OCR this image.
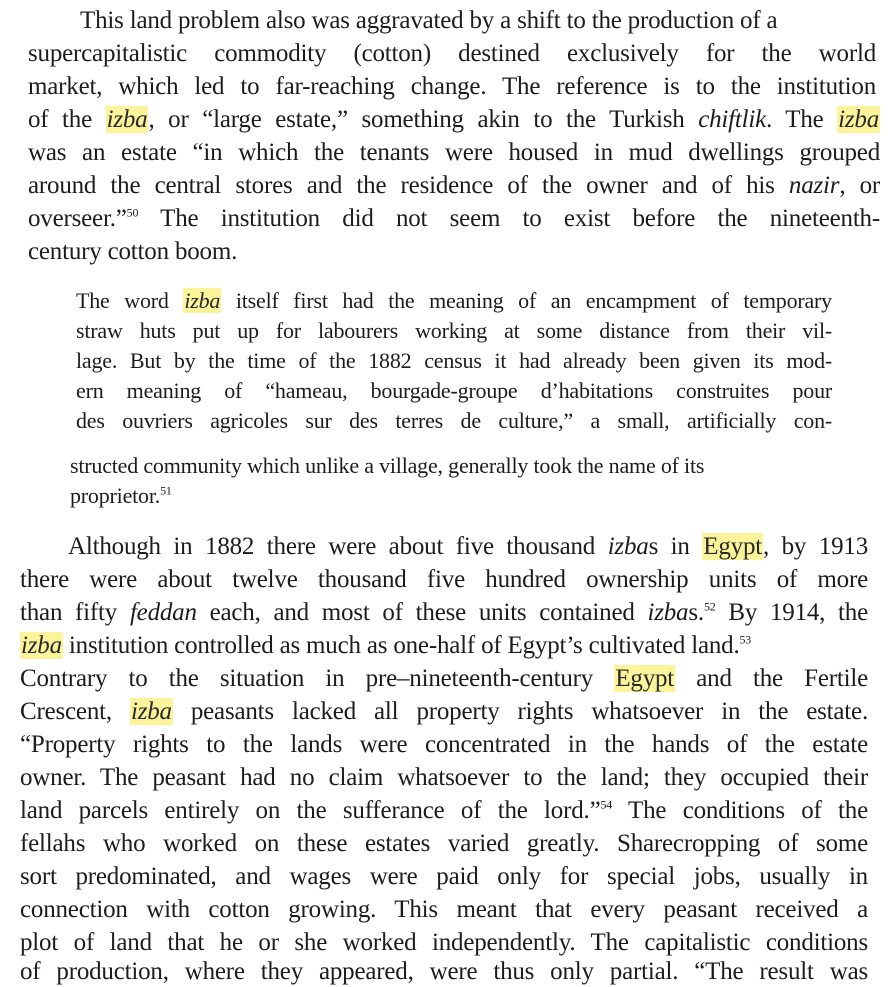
This land problem also was aggravated by a shift to the production of a
supercapitalistic commodity (cotton) destined exclusively for the world
market, which led to far-reaching change. The reference is to the institution
of the izba, or “large estate,” something akin to the Turkish chiftlik. The izba
was an estate “in which the tenants were housed in mud dwellings grouped
around the central stores and the residence of the owner and of his nazir, or
overseer.”$^{50}$ The institution did not seem to exist before the nineteenth-
century cotton boom.
The word izba itself first had the meaning of an encampment of temporary
straw huts put up for labourers working at some distance from their vil-
lage. But by the time of the 1882 census it had already been given its mod-
ern meaning of “hameau, bourgade-groupe d’habitations construites pour
des ouvriers agricoles sur des terres de culture,” a small, artificially con-
structed community which unlike a village, generally took the name of its
proprietor.$^{51}$
Although in 1882 there were about five thousand izbas in Egypt, by 1913
there were about twelve thousand five hundred ownership units of more
than fifty feddan each, and most of these units contained izbas.$^{52}$ By 1914, the
izba institution controlled as much as one-half of Egypt’s cultivated land.$^{53}$
Contrary to the situation in pre–nineteenth-century Egypt and the Fertile
Crescent, izba peasants lacked all property rights whatsoever in the estate.
“Property rights to the lands were concentrated in the hands of the estate
owner. The peasant had no claim whatsoever to the land; they occupied their
land parcels entirely on the sufferance of the lord.”$^{54}$ The conditions of the
fellahs who worked on these estates varied greatly. Sharecropping of some
sort predominated, and wages were paid only for special jobs, usually in
connection with cotton growing. This meant that every peasant received a
plot of land that he or she worked independently. The capitalistic conditions
of production, where they appeared, were thus only partial. “The result was
